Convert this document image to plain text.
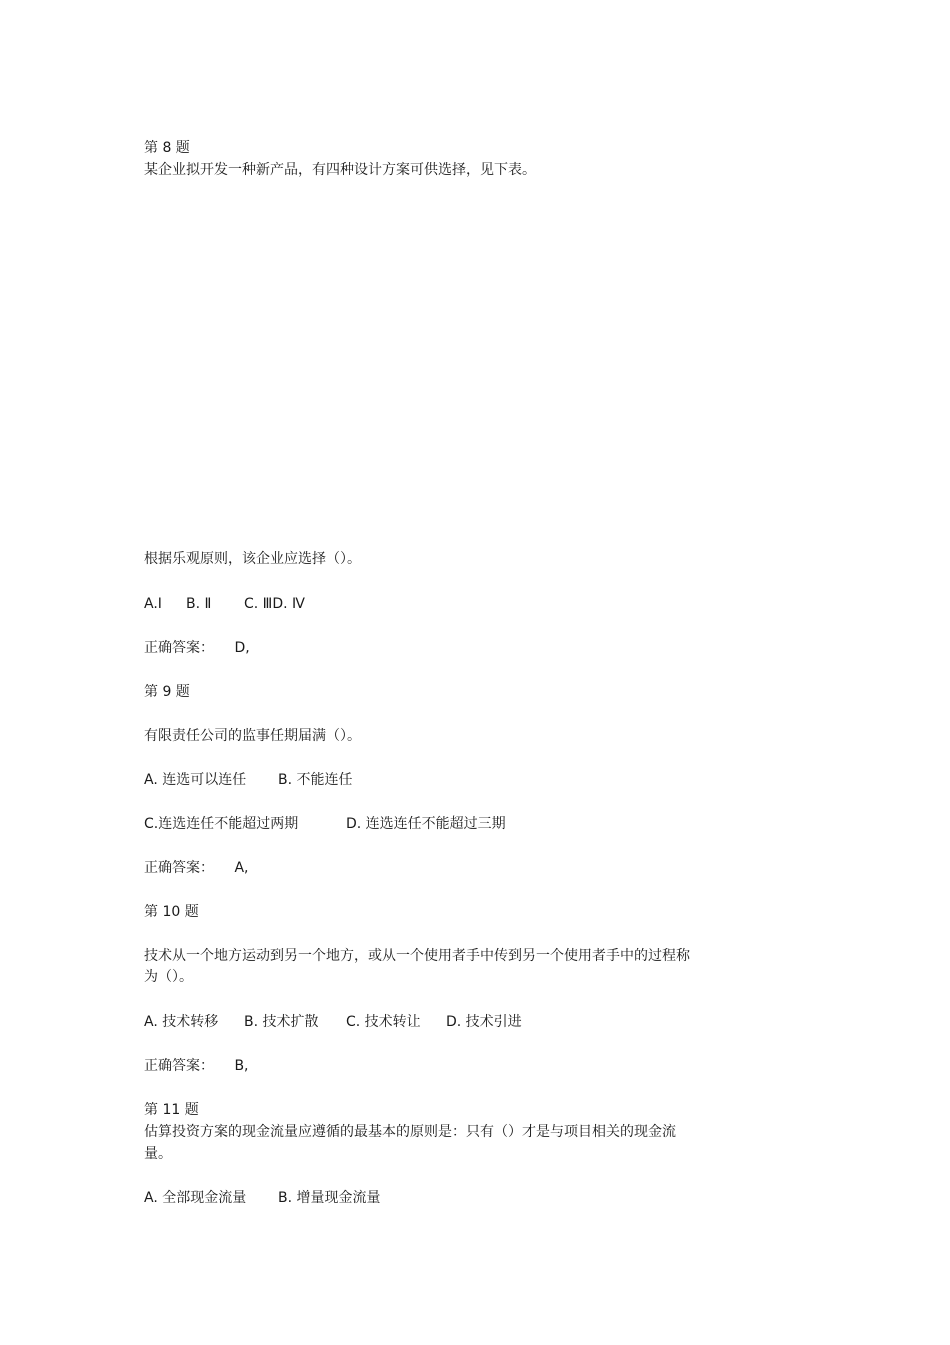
第 8 题
某企业拟开发一种新产品，有四种设计方案可供选择，见下表。
根据乐观原则，该企业应选择（）。
A.I B. Ⅱ C. ⅢD. Ⅳ
正确答案： D,
第 9 题
有限责任公司的监事任期届满（）。
A. 连选可以连任 B. 不能连任
C.连选连任不能超过两期	D. 连选连任不能超过三期
正确答案： A,
第 10 题
技术从一个地方运动到另一个地方，或从一个使用者手中传到另一个使用者手中的过程称
为（）。
A. 技术转移 B. 技术扩散 C. 技术转让 D. 技术引进
正确答案： B,
第 11 题
估算投资方案的现金流量应遵循的最基本的原则是：只有（）才是与项目相关的现金流
量。
A. 全部现金流量 B. 增量现金流量
